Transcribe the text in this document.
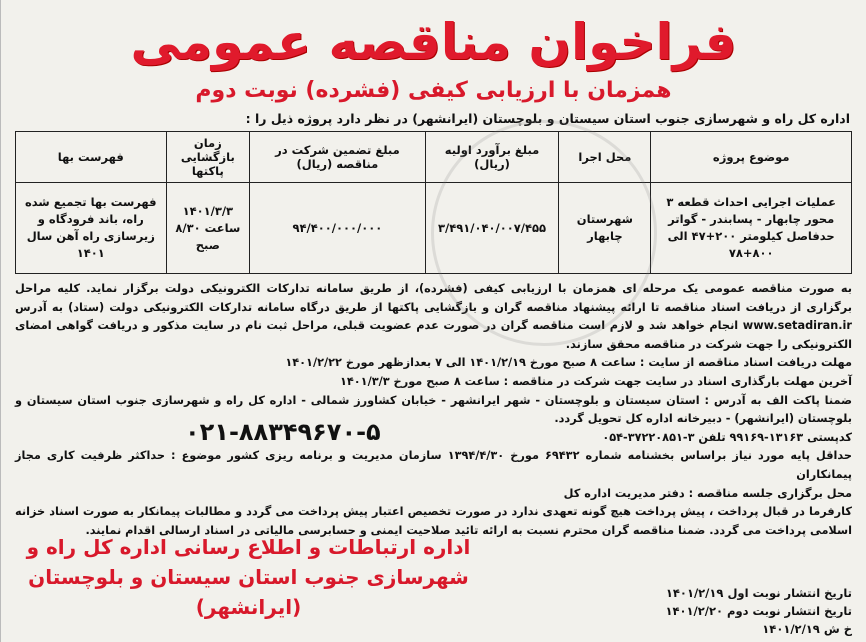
فراخوان مناقصه عمومی
همزمان با ارزیابی کیفی (فشرده) نوبت دوم
اداره کل راه و شهرسازی جنوب استان سیستان و بلوچستان (ایرانشهر) در نظر دارد پروژه ذیل را :
موضوع پروژه	محل اجرا	مبلغ برآورد اولیه (ریال)	مبلغ تضمین شرکت در مناقصه (ریال)	زمان بازگشایی پاکتها	فهرست بها
عملیات اجرایی احداث قطعه ۳ محور چابهار - پسابندر - گواتر حدفاصل کیلومتر ۲۰۰+۴۷ الی ۸۰۰+۷۸	شهرستان چابهار	۳/۴۹۱/۰۴۰/۰۰۷/۴۵۵	۹۴/۴۰۰/۰۰۰/۰۰۰	۱۴۰۱/۳/۳ ساعت ۸/۳۰ صبح	فهرست بها تجمیع شده راه، باند فرودگاه و زیرسازی راه آهن سال ۱۴۰۱

به صورت مناقصه عمومی یک مرحله ای همزمان با ارزیابی کیفی (فشرده)، از طریق سامانه تدارکات الکترونیکی دولت برگزار نماید. کلیه مراحل برگزاری از دریافت اسناد مناقصه تا ارائه پیشنهاد مناقصه گران و بازگشایی پاکتها از طریق درگاه سامانه تدارکات الکترونیکی دولت (ستاد) به آدرس www.setadiran.ir انجام خواهد شد و لازم است مناقصه گران در صورت عدم عضویت قبلی، مراحل ثبت نام در سایت مذکور و دریافت گواهی امضای الکترونیکی را جهت شرکت در مناقصه محقق سازند.

مهلت دریافت اسناد مناقصه از سایت : ساعت ۸ صبح مورخ ۱۴۰۱/۲/۱۹ الی ۷ بعدازظهر مورخ ۱۴۰۱/۲/۲۲

آخرین مهلت بارگذاری اسناد در سایت جهت شرکت در مناقصه : ساعت ۸ صبح مورخ ۱۴۰۱/۳/۳

ضمنا پاکت الف به آدرس : استان سیستان و بلوچستان - شهر ایرانشهر - خیابان کشاورز شمالی - اداره کل راه و شهرسازی جنوب استان سیستان و بلوچستان (ایرانشهر) - دبیرخانه اداره کل تحویل گردد.

کدپستی ۱۳۱۶۳-۹۹۱۶۹ تلفن ۳-۳۷۲۲۰۸۵۱-۰۵۴
۰۲۱-۸۸۳۴۹۶۷۰-۵

حداقل پایه مورد نیاز براساس بخشنامه شماره ۶۹۴۳۲ مورخ ۱۳۹۴/۴/۳۰ سازمان مدیریت و برنامه ریزی کشور موضوع : حداکثر ظرفیت کاری مجاز پیمانکاران

محل برگزاری جلسه مناقصه : دفتر مدیریت اداره کل

کارفرما در قبال پرداخت ، پیش پرداخت هیچ گونه تعهدی ندارد در صورت تخصیص اعتبار پیش پرداخت می گردد و مطالبات پیمانکار به صورت اسناد خزانه اسلامی پرداخت می گردد. ضمنا مناقصه گران محترم نسبت به ارائه تائید صلاحیت ایمنی و حسابرسی مالیاتی در اسناد ارسالی اقدام نمایند.

اداره ارتباطات و اطلاع رسانی اداره کل راه و شهرسازی جنوب استان سیستان و بلوچستان (ایرانشهر)
تاریخ انتشار نوبت اول ۱۴۰۱/۲/۱۹
تاریخ انتشار نوبت دوم ۱۴۰۱/۲/۲۰
خ ش ۱۴۰۱/۲/۱۹
